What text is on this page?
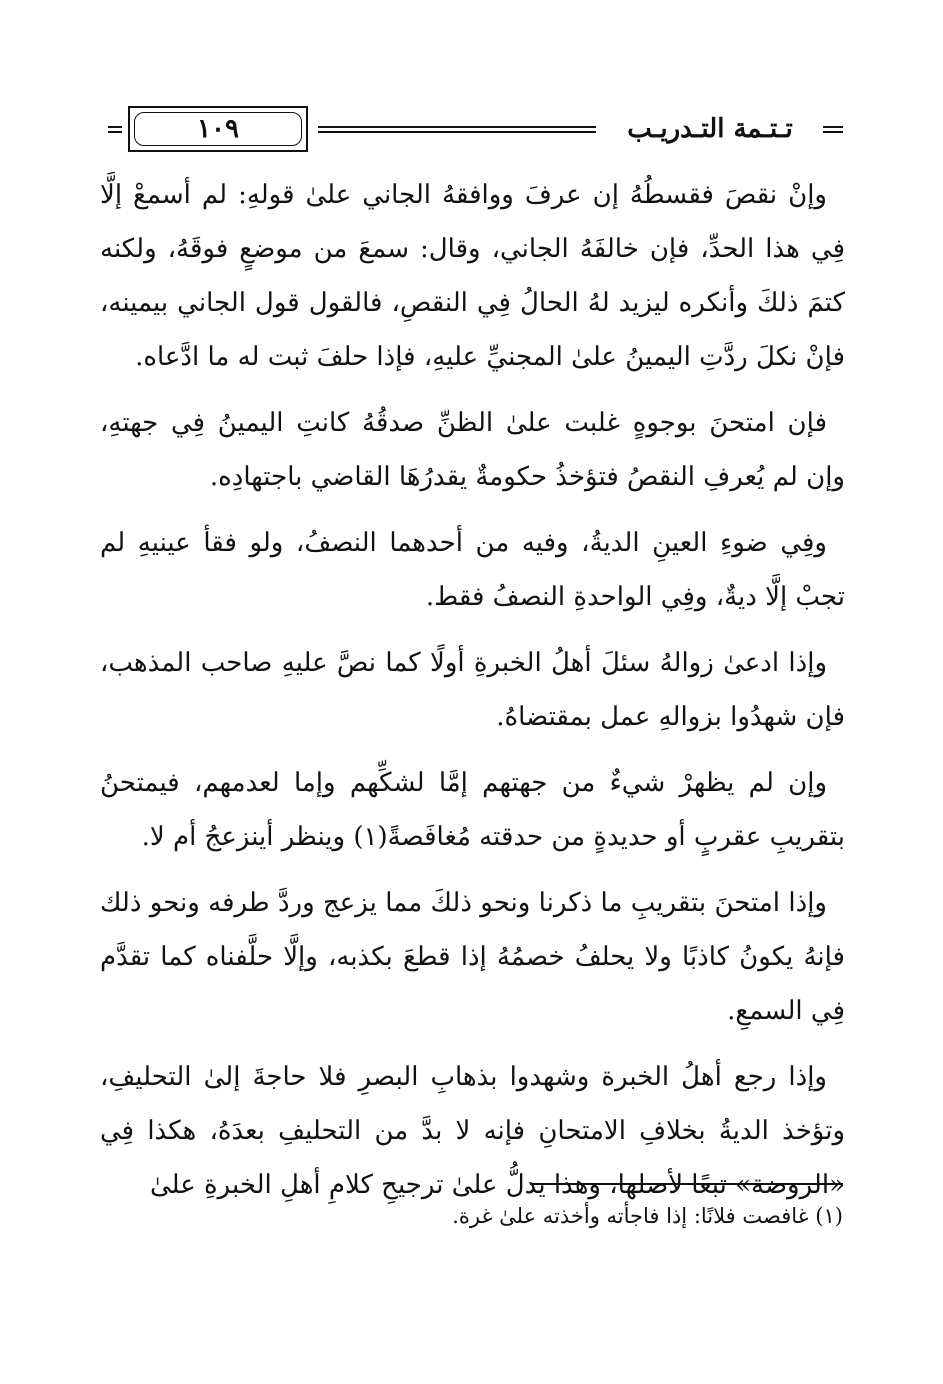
١٠٩	تـتـمة التـدريـب

وإنْ نقصَ فقسطُهُ إن عرفَ ووافقهُ الجاني علىٰ قولهِ: لم أسمعْ إلَّا فِي هذا الحدِّ، فإن خالفَهُ الجاني، وقال: سمعَ من موضعٍ فوقَهُ، ولكنه كتمَ ذلكَ وأنكره ليزيد لهُ الحالُ فِي النقصِ، فالقول قول الجاني بيمينه، فإنْ نكلَ ردَّتِ اليمينُ علىٰ المجنيِّ عليهِ، فإذا حلفَ ثبت له ما ادَّعاه.

فإن امتحنَ بوجوهٍ غلبت علىٰ الظنِّ صدقُهُ كانتِ اليمينُ فِي جهتهِ، وإن لم يُعرفِ النقصُ فتؤخذُ حكومةٌ يقدرُهَا القاضي باجتهادِه.

وفِي ضوءِ العينِ الديةُ، وفيه من أحدهما النصفُ، ولو فقأ عينيهِ لم تجبْ إلَّا ديةٌ، وفِي الواحدةِ النصفُ فقط.

وإذا ادعىٰ زوالهُ سئلَ أهلُ الخبرةِ أولًا كما نصَّ عليهِ صاحب المذهب، فإن شهدُوا بزوالهِ عمل بمقتضاهُ.

وإن لم يظهرْ شيءٌ من جهتهم إمَّا لشكِّهم وإما لعدمهم، فيمتحنُ بتقريبِ عقربٍ أو حديدةٍ من حدقته مُغافَصةً(١) وينظر أينزعجُ أم لا.

وإذا امتحنَ بتقريبِ ما ذكرنا ونحو ذلكَ مما يزعج وردَّ طرفه ونحو ذلك فإنهُ يكونُ كاذبًا ولا يحلفُ خصمُهُ إذا قطعَ بكذبه، وإلَّا حلَّفناه كما تقدَّم فِي السمعِ.

وإذا رجع أهلُ الخبرة وشهدوا بذهابِ البصرِ فلا حاجةَ إلىٰ التحليفِ، وتؤخذ الديةُ بخلافِ الامتحانِ فإنه لا بدَّ من التحليفِ بعدَهُ، هكذا فِي «الروضة» تبعًا لأصلها، وهذا يدلُّ علىٰ ترجيحِ كلامِ أهلِ الخبرةِ علىٰ

(١) غافصت فلانًا: إذا فاجأته وأخذته علىٰ غرة.
